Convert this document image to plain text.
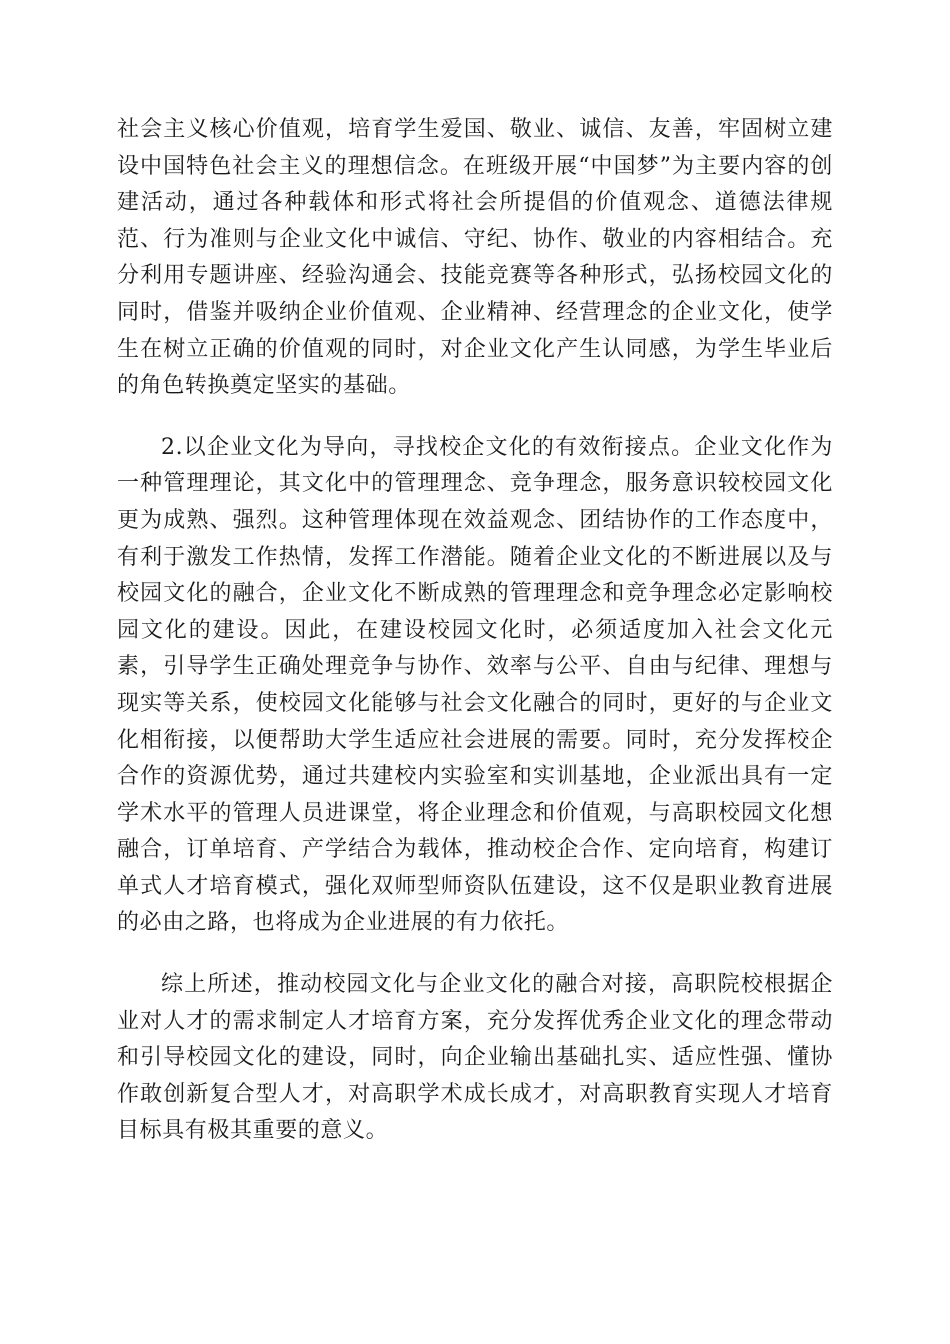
社会主义核心价值观，培育学生爱国、敬业、诚信、友善，牢固树立建设中国特色社会主义的理想信念。在班级开展“中国梦”为主要内容的创建活动，通过各种载体和形式将社会所提倡的价值观念、道德法律规范、行为准则与企业文化中诚信、守纪、协作、敬业的内容相结合。充分利用专题讲座、经验沟通会、技能竞赛等各种形式，弘扬校园文化的同时，借鉴并吸纳企业价值观、企业精神、经营理念的企业文化，使学生在树立正确的价值观的同时，对企业文化产生认同感，为学生毕业后的角色转换奠定坚实的基础。

2.以企业文化为导向，寻找校企文化的有效衔接点。企业文化作为一种管理理论，其文化中的管理理念、竞争理念，服务意识较校园文化更为成熟、强烈。这种管理体现在效益观念、团结协作的工作态度中，有利于激发工作热情，发挥工作潜能。随着企业文化的不断进展以及与校园文化的融合，企业文化不断成熟的管理理念和竞争理念必定影响校园文化的建设。因此，在建设校园文化时，必须适度加入社会文化元素，引导学生正确处理竞争与协作、效率与公平、自由与纪律、理想与现实等关系，使校园文化能够与社会文化融合的同时，更好的与企业文化相衔接，以便帮助大学生适应社会进展的需要。同时，充分发挥校企合作的资源优势，通过共建校内实验室和实训基地，企业派出具有一定学术水平的管理人员进课堂，将企业理念和价值观，与高职校园文化想融合，订单培育、产学结合为载体，推动校企合作、定向培育，构建订单式人才培育模式，强化双师型师资队伍建设，这不仅是职业教育进展的必由之路，也将成为企业进展的有力依托。

综上所述，推动校园文化与企业文化的融合对接，高职院校根据企业对人才的需求制定人才培育方案，充分发挥优秀企业文化的理念带动和引导校园文化的建设，同时，向企业输出基础扎实、适应性强、懂协作敢创新复合型人才，对高职学术成长成才，对高职教育实现人才培育目标具有极其重要的意义。
